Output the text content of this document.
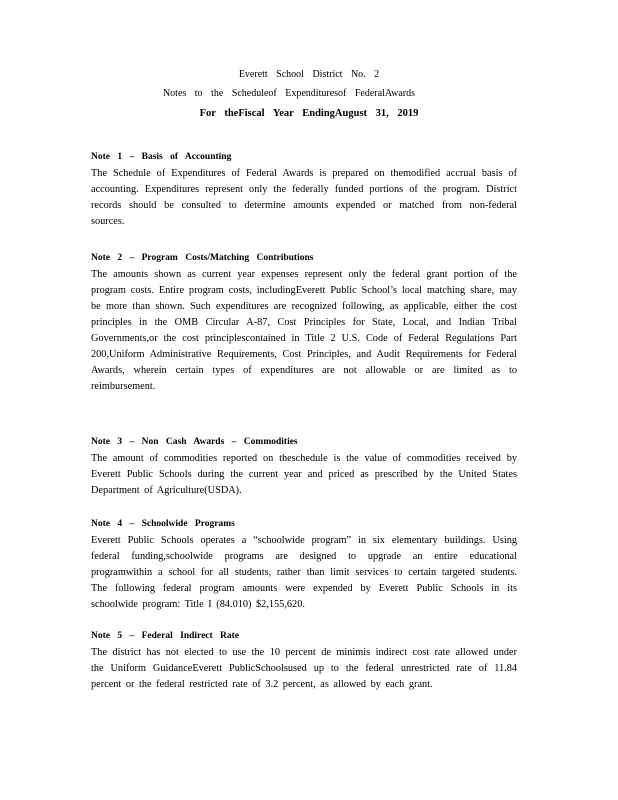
Everett School District No. 2
Notes to the Scheduleof Expendituresof FederalAwards
For theFiscal Year EndingAugust 31, 2019
Note 1 – Basis of Accounting
The Schedule of Expenditures of Federal Awards is prepared on themodified accrual basis of accounting. Expenditures represent only the federally funded portions of the program. District records should be consulted to determine amounts expended or matched from non-federal sources.
Note 2 – Program Costs/Matching Contributions
The amounts shown as current year expenses represent only the federal grant portion of the program costs. Entire program costs, includingEverett Public School’s local matching share, may be more than shown. Such expenditures are recognized following, as applicable, either the cost principles in the OMB Circular A-87, Cost Principles for State, Local, and Indian Tribal Governments,or the cost principlescontained in Title 2 U.S. Code of Federal Regulations Part 200,Uniform Administrative Requirements, Cost Principles, and Audit Requirements for Federal Awards, wherein certain types of expenditures are not allowable or are limited as to reimbursement.
Note 3 – Non Cash Awards – Commodities
The amount of commodities reported on theschedule is the value of commodities received by Everett Public Schools during the current year and priced as prescribed by the United States Department of Agriculture(USDA).
Note 4 – Schoolwide Programs
Everett Public Schools operates a “schoolwide program” in six elementary buildings. Using federal funding,schoolwide programs are designed to upgrade an entire educational programwithin a school for all students, rather than limit services to certain targeted students. The following federal program amounts were expended by Everett Public Schools in its schoolwide program: Title I (84.010) $2,155,620.
Note 5 – Federal Indirect Rate
The district has not elected to use the 10 percent de minimis indirect cost rate allowed under the Uniform GuidanceEverett PublicSchoolsused up to the federal unrestricted rate of 11.84 percent or the federal restricted rate of 3.2 percent, as allowed by each grant.
